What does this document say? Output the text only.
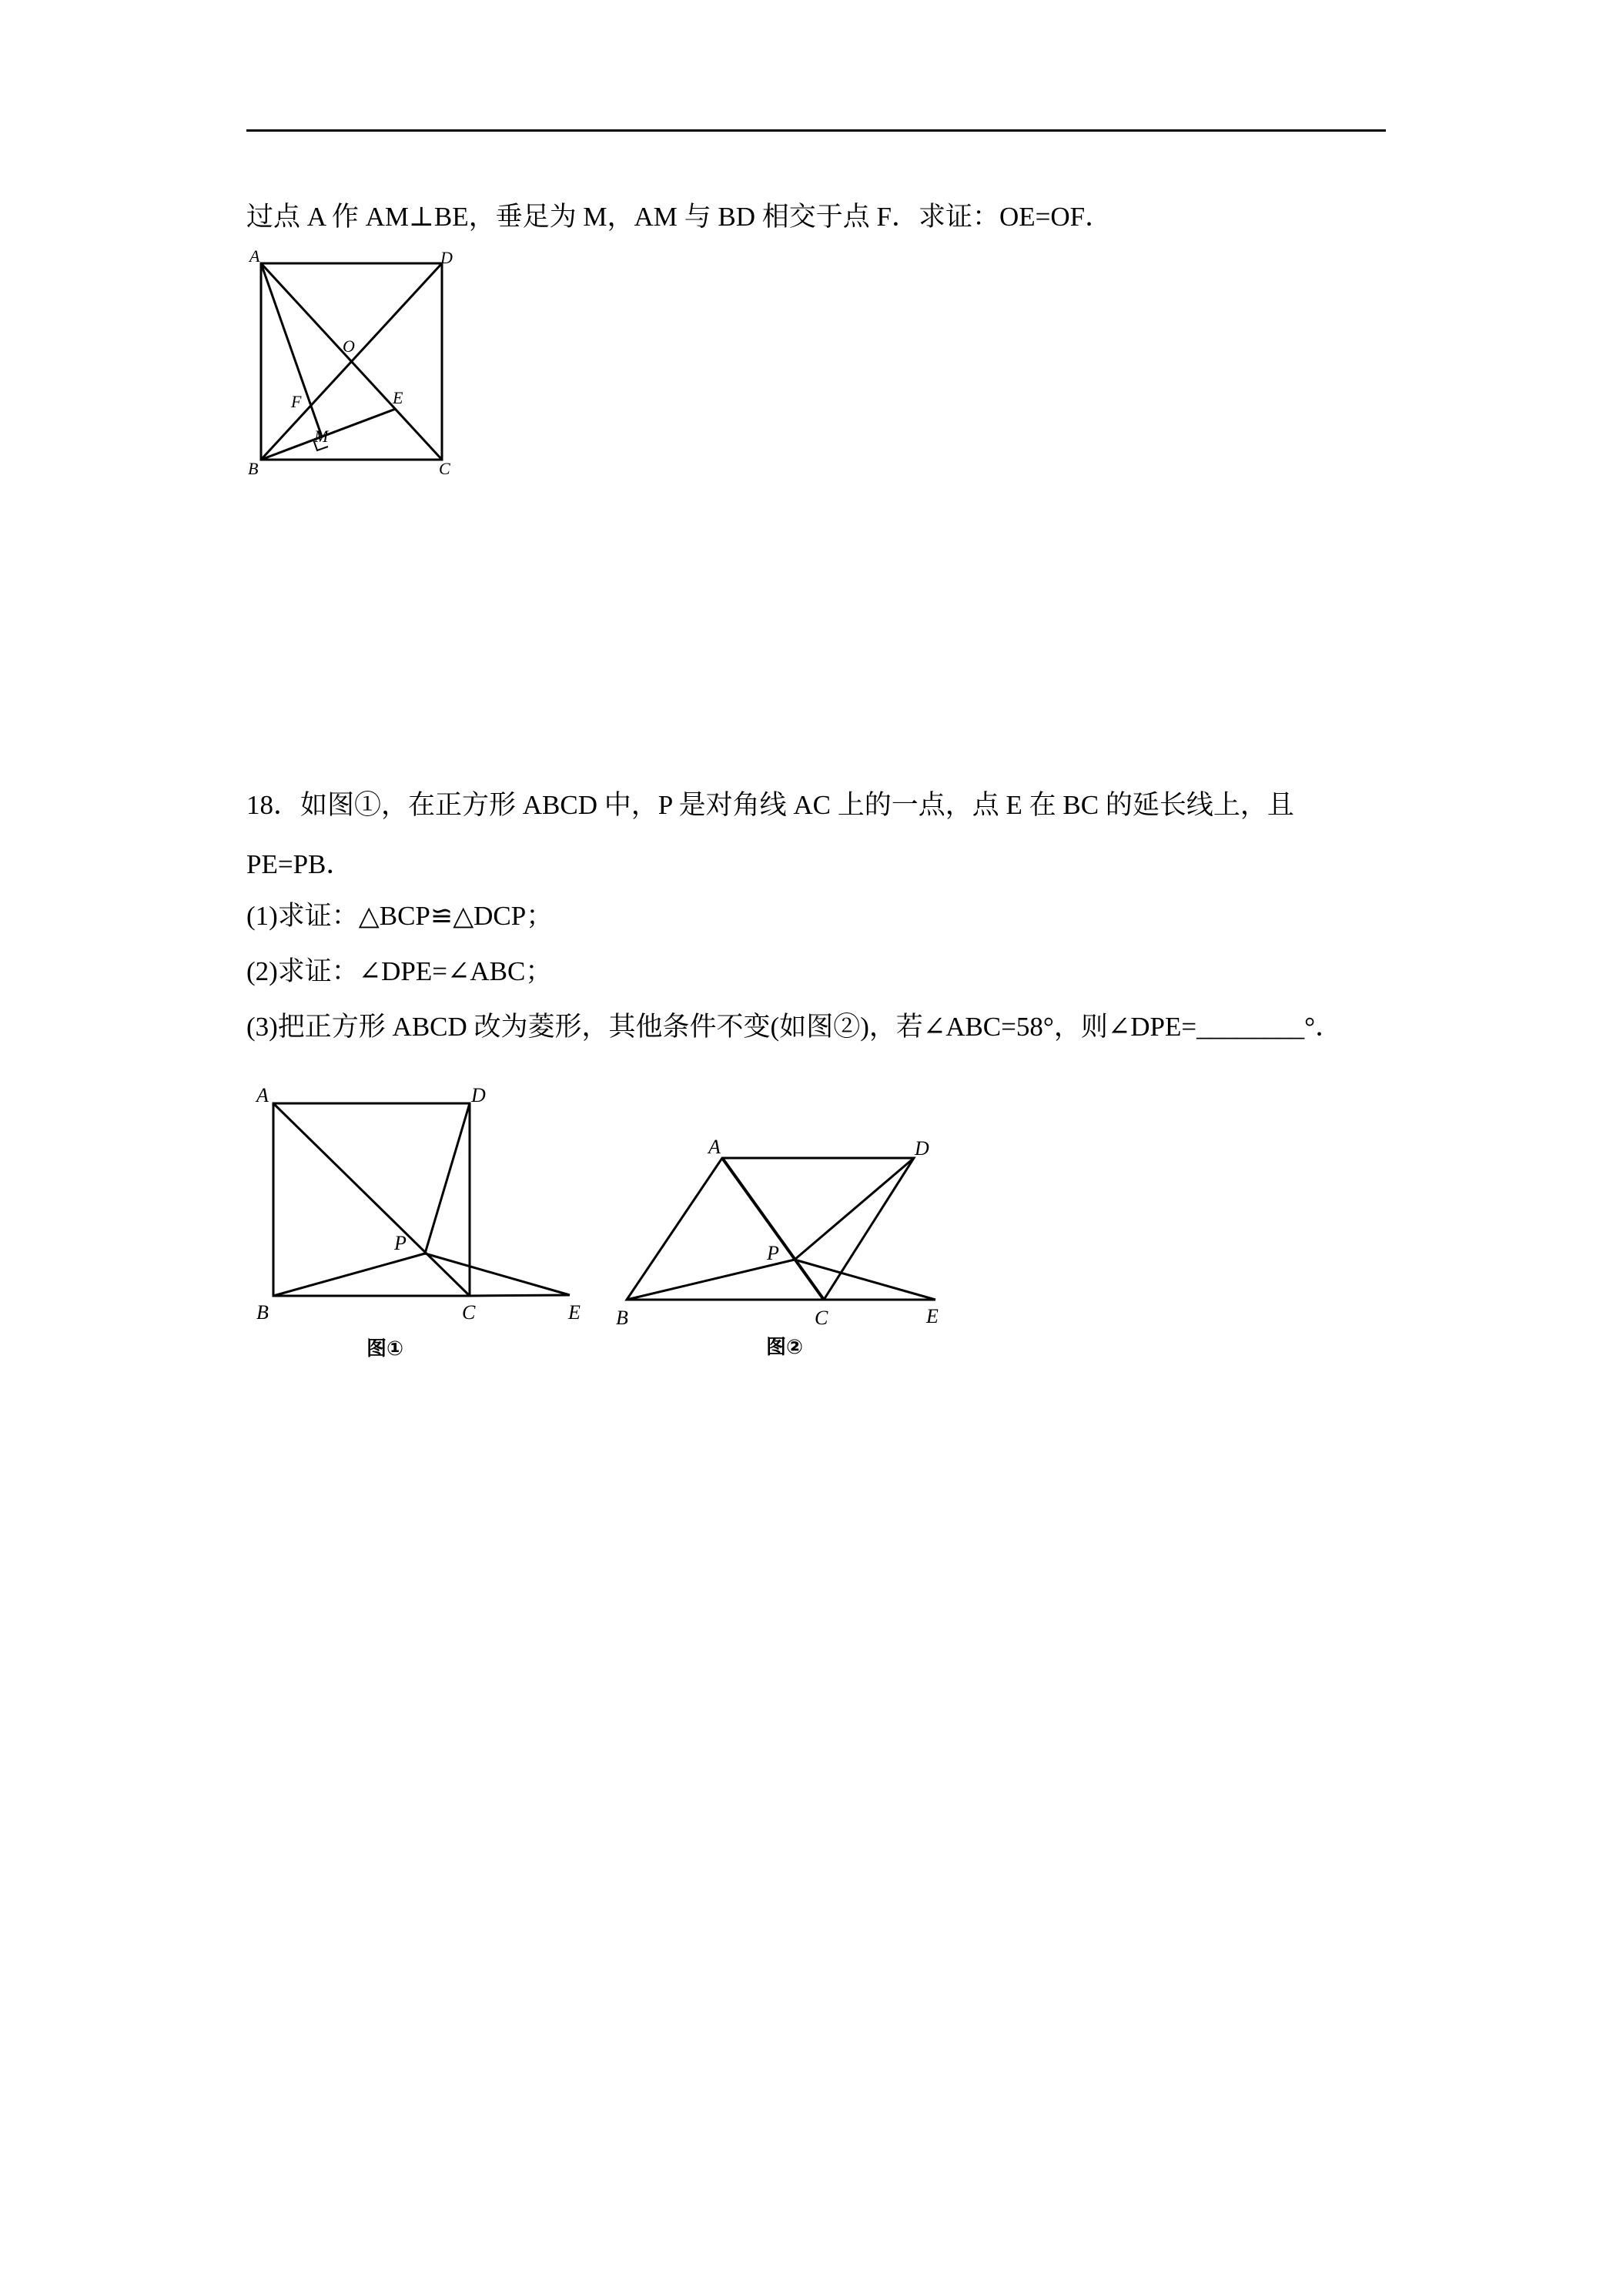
过点 A 作 AM⊥BE，垂足为 M，AM 与 BD 相交于点 F．求证：OE=OF．
A	D
B	C
O
E
F
M
18．如图①，在正方形 ABCD 中，P 是对角线 AC 上的一点，点 E 在 BC 的延长线上，且
PE=PB．
(1)求证：△BCP≌△DCP；
(2)求证：∠DPE=∠ABC；
(3)把正方形 ABCD 改为菱形，其他条件不变(如图②)，若∠ABC=58°，则∠DPE=________°．
A	D
B	C
P
E
图①
A	D
B	C
P
E
图②
